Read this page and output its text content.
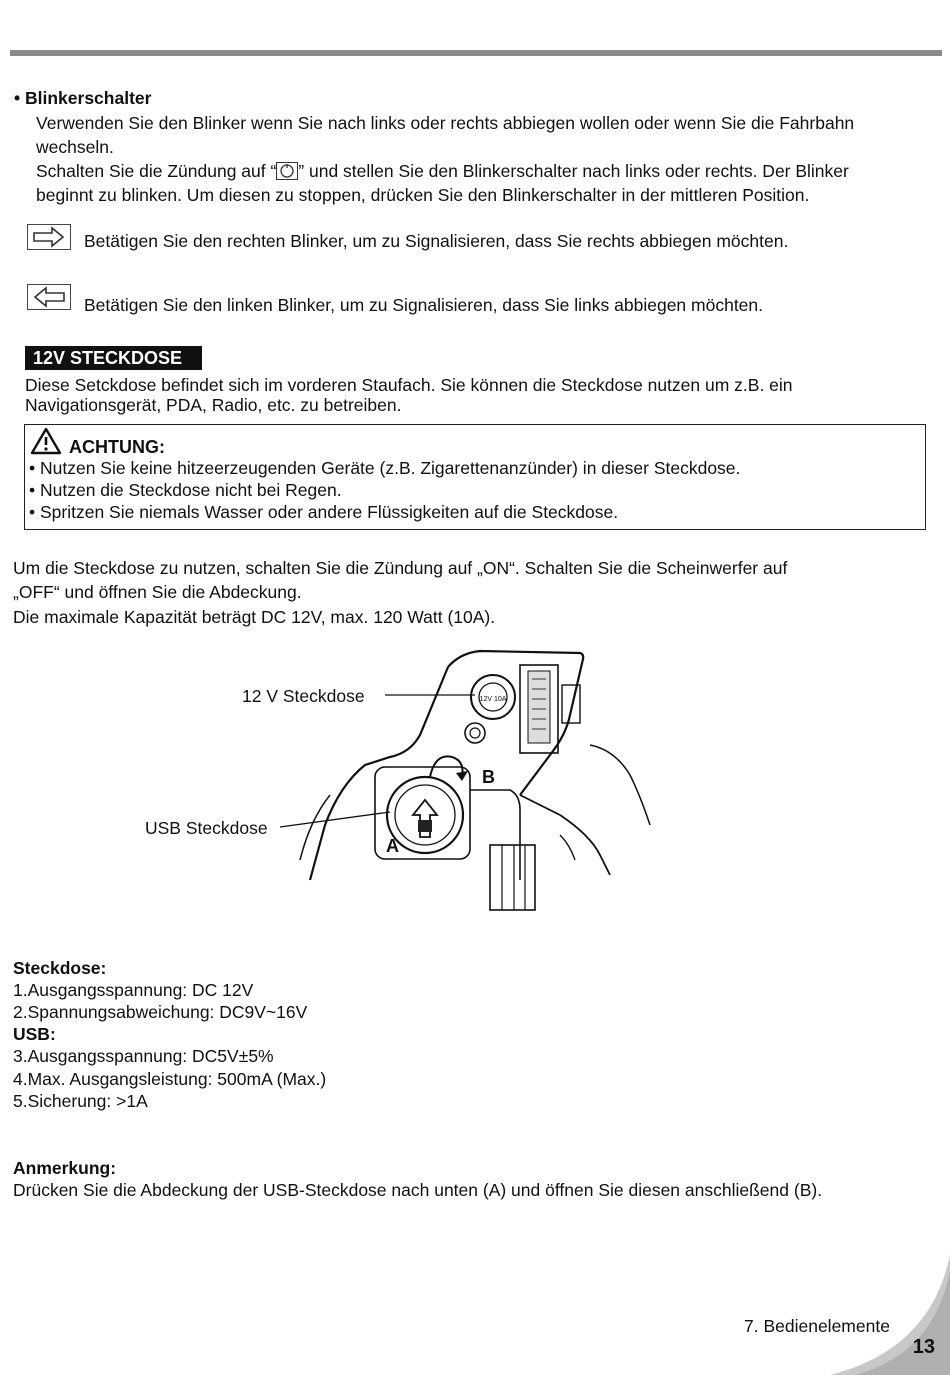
• Blinkerschalter
Verwenden Sie den Blinker wenn Sie nach links oder rechts abbiegen wollen oder wenn Sie die Fahrbahn
wechseln.
Schalten Sie die Zündung auf “ ” und stellen Sie den Blinkerschalter nach links oder rechts. Der Blinker
beginnt zu blinken. Um diesen zu stoppen, drücken Sie den Blinkerschalter in der mittleren Position.
Betätigen Sie den rechten Blinker, um zu Signalisieren, dass Sie rechts abbiegen möchten.
Betätigen Sie den linken Blinker, um zu Signalisieren, dass Sie links abbiegen möchten.
12V STECKDOSE
Diese Setckdose befindet sich im vorderen Staufach. Sie können die Steckdose nutzen um z.B. ein
Navigationsgerät, PDA, Radio, etc. zu betreiben.
ACHTUNG:
• Nutzen Sie keine hitzeerzeugenden Geräte (z.B. Zigarettenanzünder) in dieser Steckdose.
• Nutzen die Steckdose nicht bei Regen.
• Spritzen Sie niemals Wasser oder andere Flüssigkeiten auf die Steckdose.
Um die Steckdose zu nutzen, schalten Sie die Zündung auf „ON“. Schalten Sie die Scheinwerfer auf
„OFF“ und öffnen Sie die Abdeckung.
Die maximale Kapazität beträgt DC 12V, max. 120 Watt (10A).
12 V Steckdose
USB Steckdose
12V 10A
B
A
Steckdose:
1.Ausgangsspannung: DC 12V
2.Spannungsabweichung: DC9V~16V
USB:
3.Ausgangsspannung: DC5V±5%
4.Max. Ausgangsleistung: 500mA (Max.)
5.Sicherung: >1A
Anmerkung:
Drücken Sie die Abdeckung der USB-Steckdose nach unten (A) und öffnen Sie diesen anschließend (B).
7. Bedienelemente
13
